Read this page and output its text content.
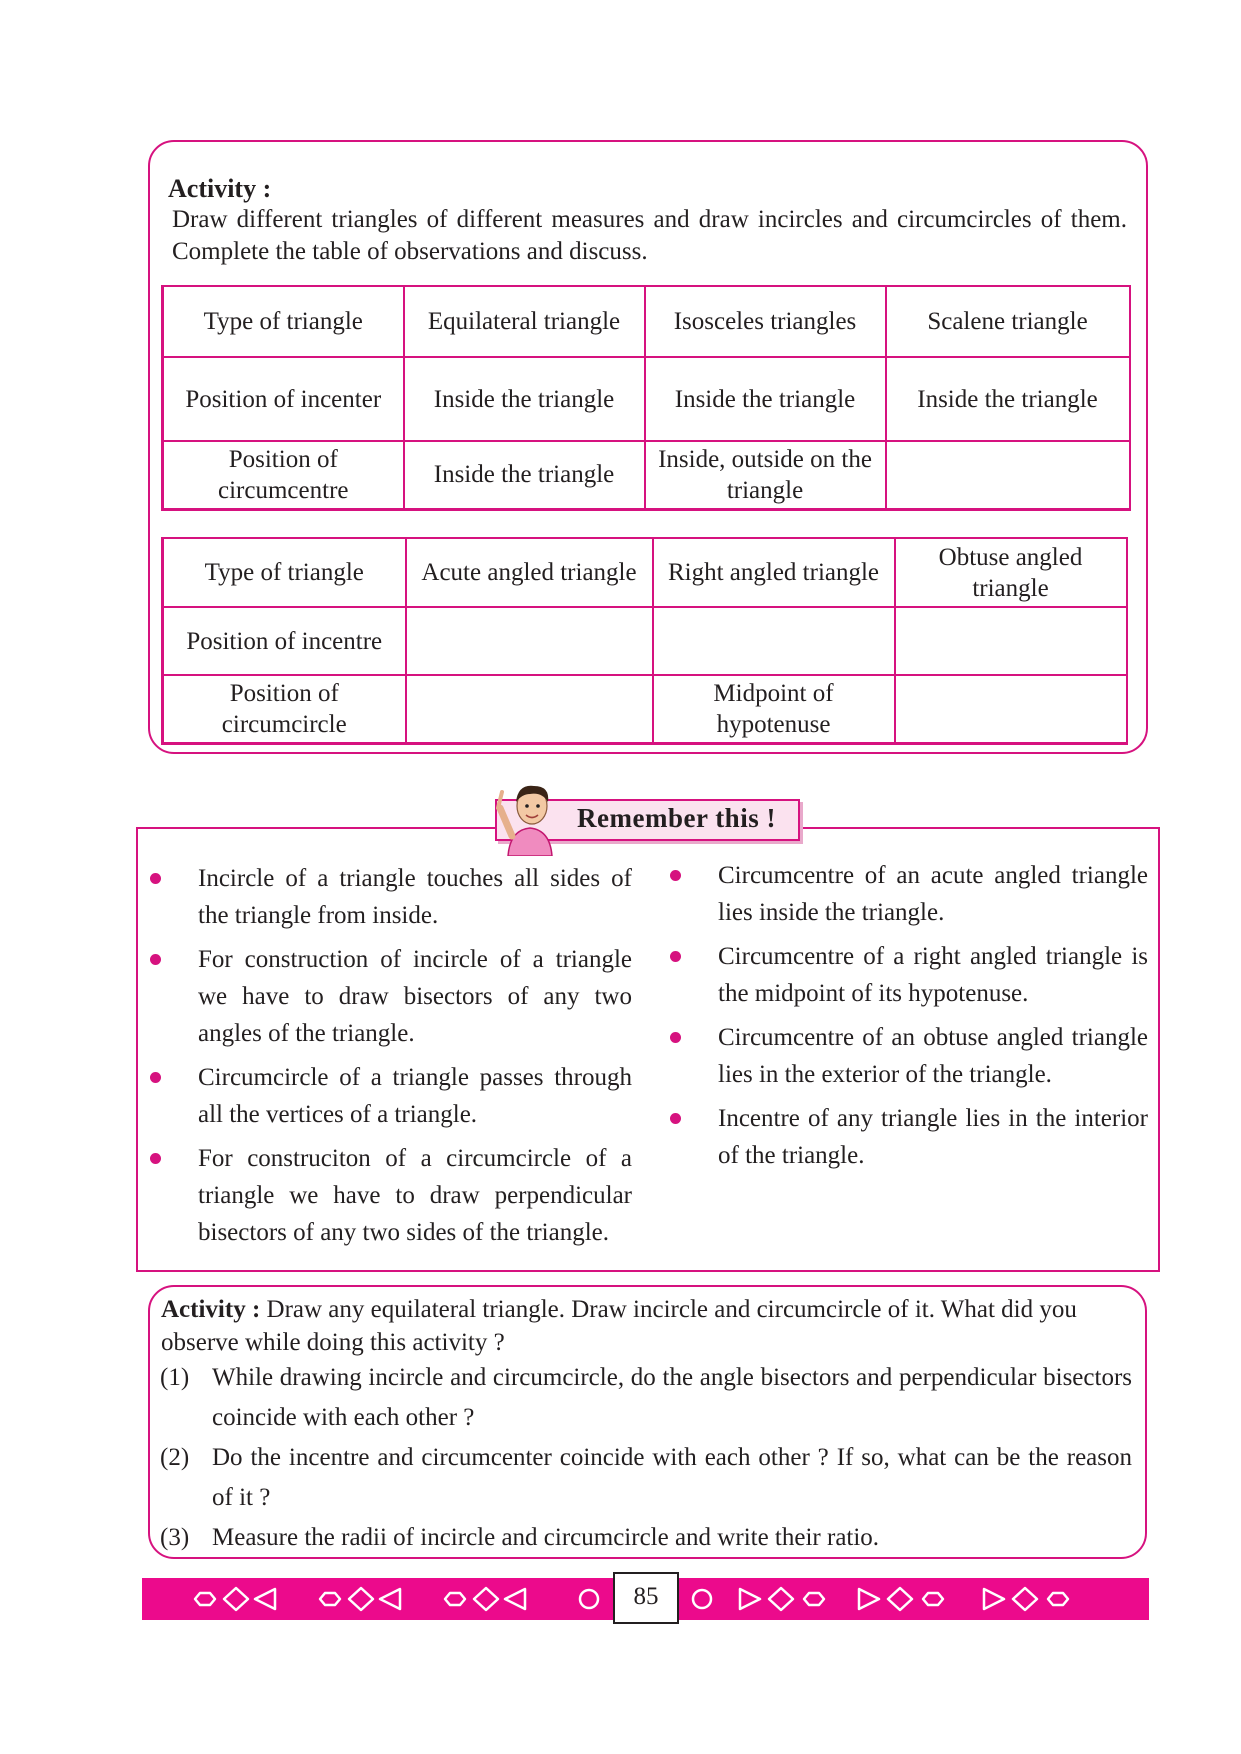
Activity :
Draw different triangles of different measures and draw incircles and circumcircles of them. Complete the table of observations and discuss.
Type of triangle	Equilateral triangle	Isosceles triangles	Scalene triangle
Position of incenter	Inside the triangle	Inside the triangle	Inside the triangle
Position of circumcentre	Inside the triangle	Inside, outside on the triangle	
Type of triangle	Acute angled triangle	Right angled triangle	Obtuse angled triangle
Position of incentre			
Position of circumcircle		Midpoint of hypotenuse	
Remember this !
Incircle of a triangle touches all sides of the triangle from inside.
For construction of incircle of a triangle we have to draw bisectors of any two angles of the triangle.
Circumcircle of a triangle passes through all the vertices of a triangle.
For construciton of a circumcircle of a triangle we have to draw perpendicular bisectors of any two sides of the triangle.
Circumcentre of an acute angled triangle lies inside the triangle.
Circumcentre of a right angled triangle is the midpoint of its hypotenuse.
Circumcentre of an obtuse angled triangle lies in the exterior of the triangle.
Incentre of any triangle lies in the interior of the triangle.
Activity : Draw any equilateral triangle. Draw incircle and circumcircle of it. What did you observe while doing this activity ?
(1) While drawing incircle and circumcircle, do the angle bisectors and perpendicular bisectors coincide with each other ?
(2) Do the incentre and circumcenter coincide with each other ? If so, what can be the reason of it ?
(3) Measure the radii of incircle and circumcircle and write their ratio.
85
